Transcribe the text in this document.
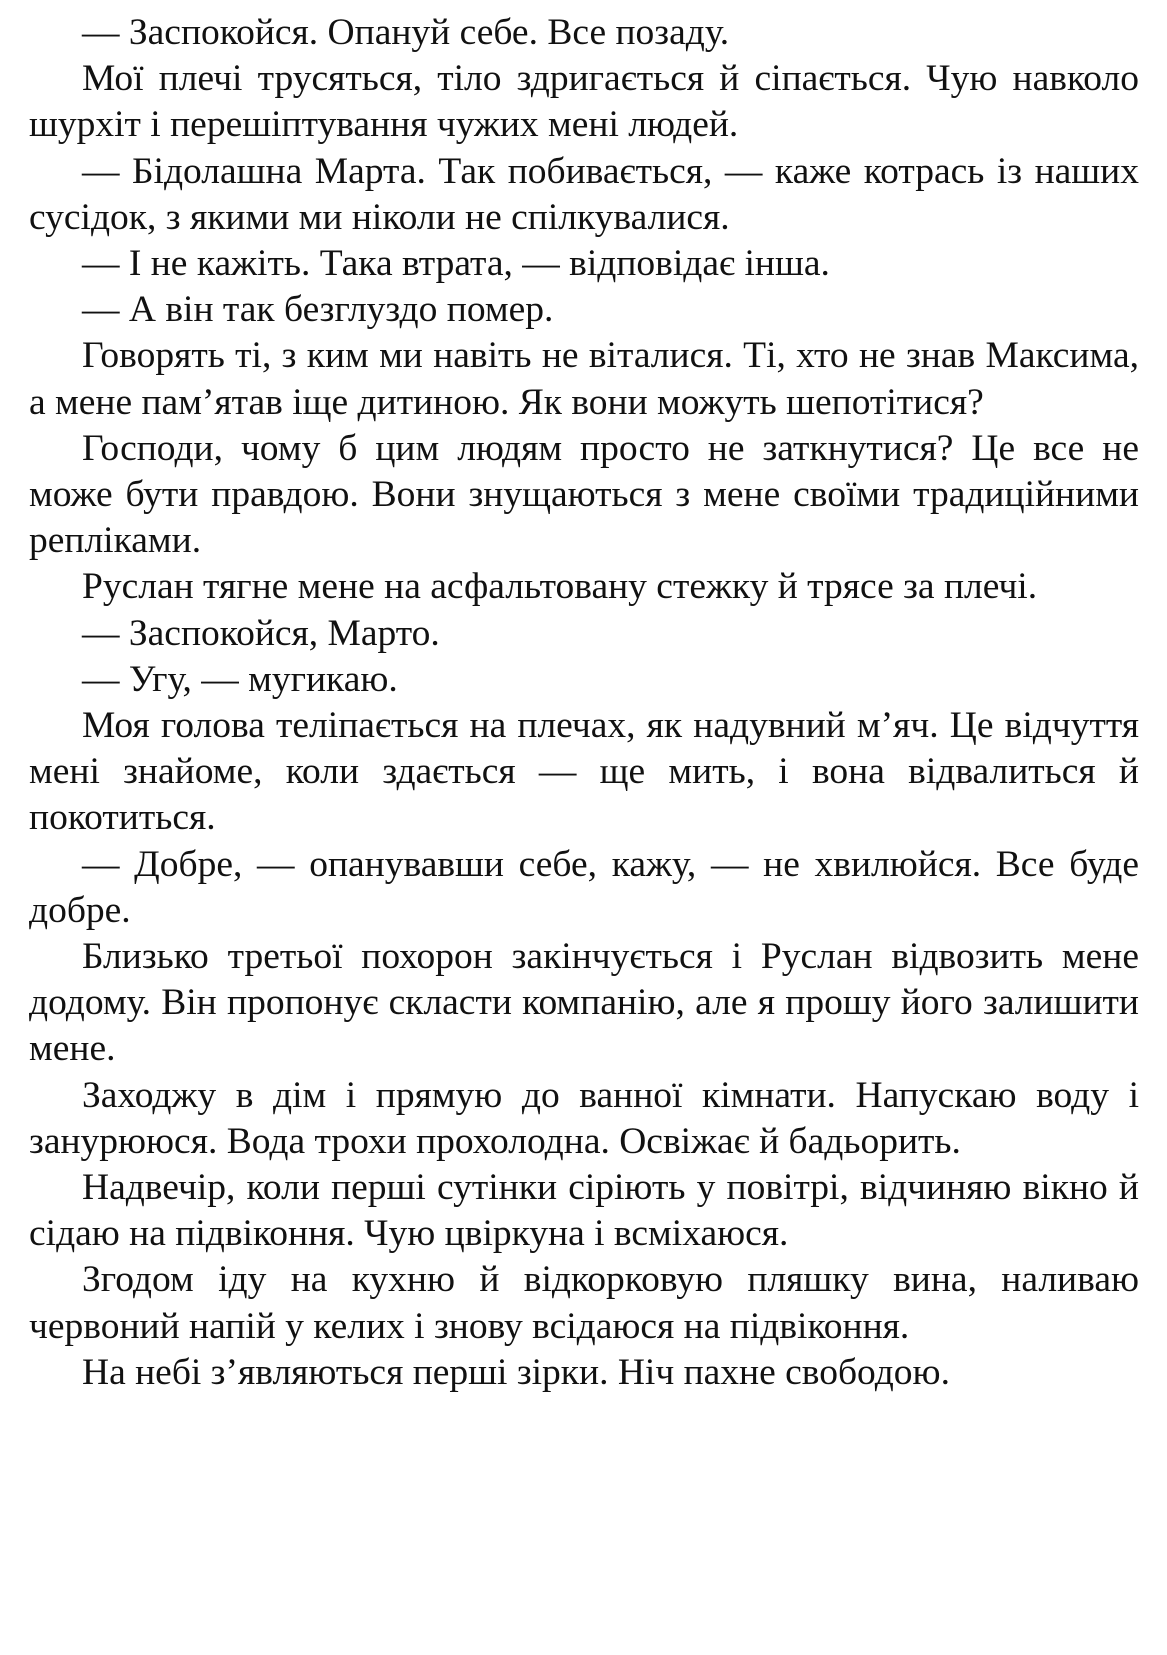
— Заспокойся. Опануй себе. Все позаду.

Мої плечі трусяться, тіло здригається й сіпається. Чую навколо шурхіт і перешіптування чужих мені людей.

— Бідолашна Марта. Так побивається, — каже котрась із наших сусідок, з якими ми ніколи не спілкувалися.

— І не кажіть. Така втрата, — відповідає інша.

— А він так безглуздо помер.

Говорять ті, з ким ми навіть не віталися. Ті, хто не знав Максима, а мене пам’ятав іще дитиною. Як вони можуть шепотітися?

Господи, чому б цим людям просто не заткнутися? Це все не може бути правдою. Вони знущаються з мене своїми традиційними репліками.

Руслан тягне мене на асфальтовану стежку й трясе за плечі.

— Заспокойся, Марто.

— Угу, — мугикаю.

Моя голова теліпається на плечах, як надувний м’яч. Це відчуття мені знайоме, коли здається — ще мить, і вона відвалиться й покотиться.

— Добре, — опанувавши себе, кажу, — не хвилюйся. Все буде добре.

Близько третьої похорон закінчується і Руслан відвозить мене додому. Він пропонує скласти компанію, але я прошу його залишити мене.

Заходжу в дім і прямую до ванної кімнати. Напускаю воду і занурююся. Вода трохи прохолодна. Освіжає й бадьорить.

Надвечір, коли перші сутінки сіріють у повітрі, відчиняю вікно й сідаю на підвіконня. Чую цвіркуна і всміхаюся.

Згодом іду на кухню й відкорковую пляшку вина, наливаю червоний напій у келих і знову всідаюся на підвіконня.

На небі з’являються перші зірки. Ніч пахне свободою.
